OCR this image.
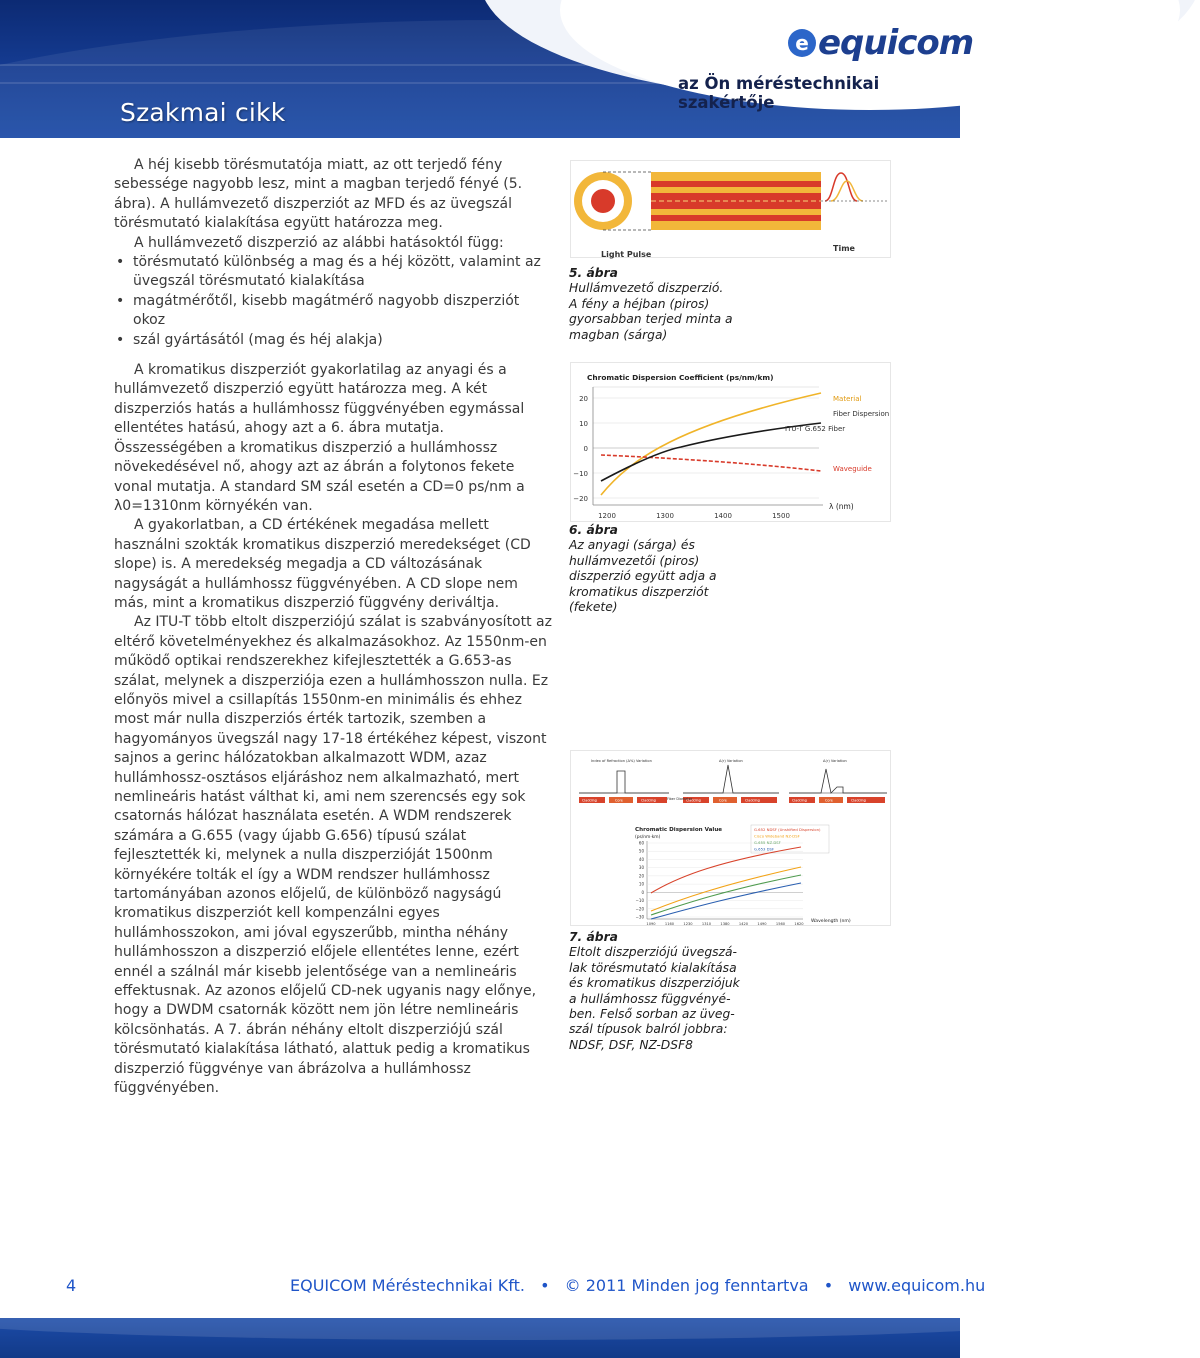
e equicom
az Ön méréstechnikai szakértője
Szakmai cikk

A héj kisebb törésmutatója miatt, az ott terjedő fény sebessége nagyobb lesz, mint a magban terjedő fényé (5. ábra). A hullámvezető diszperziót az MFD és az üvegszál törésmutató kialakítása együtt határozza meg.

A hullámvezető diszperzió az alábbi hatásoktól függ:

• törésmutató különbség a mag és a héj között, valamint az üvegszál törésmutató kialakítása
• magátmérőtől, kisebb magátmérő nagyobb diszperziót okoz
• szál gyártásától (mag és héj alakja)

A kromatikus diszperziót gyakorlatilag az anyagi és a hullámvezető diszperzió együtt határozza meg. A két diszperziós hatás a hullámhossz függvényében egymással ellentétes hatású, ahogy azt a 6. ábra mutatja. Összességében a kromatikus diszperzió a hullámhossz növekedésével nő, ahogy azt az ábrán a folytonos fekete vonal mutatja. A standard SM szál esetén a CD=0 ps/nm a λ0=1310nm környékén van.

A gyakorlatban, a CD értékének megadása mellett használni szokták kromatikus diszperzió meredekséget (CD slope) is. A meredekség megadja a CD változásának nagyságát a hullámhossz függvényében. A CD slope nem más, mint a kromatikus diszperzió függvény deriváltja.

Az ITU-T több eltolt diszperziójú szálat is szabványosított az eltérő követelményekhez és alkalmazásokhoz. Az 1550nm-en működő optikai rendszerekhez kifejlesztették a G.653-as szálat, melynek a diszperziója ezen a hullámhosszon nulla. Ez előnyös mivel a csillapítás 1550nm-en minimális és ehhez most már nulla diszperziós érték tartozik, szemben a hagyományos üvegszál nagy 17-18 értékéhez képest, viszont sajnos a gerinc hálózatokban alkalmazott WDM, azaz hullámhossz-osztásos eljáráshoz nem alkalmazható, mert nemlineáris hatást válthat ki, ami nem szerencsés egy sok csatornás hálózat használata esetén. A WDM rendszerek számára a G.655 (vagy újabb G.656) típusú szálat fejlesztették ki, melynek a nulla diszperzióját 1500nm környékére tolták el így a WDM rendszer hullámhossz tartományában azonos előjelű, de különböző nagyságú kromatikus diszperziót kell kompenzálni egyes hullámhosszokon, ami jóval egyszerűbb, mintha néhány hullámhosszon a diszperzió előjele ellentétes lenne, ezért ennél a szálnál már kisebb jelentősége van a nemlineáris effektusnak. Az azonos előjelű CD-nek ugyanis nagy előnye, hogy a DWDM csatornák között nem jön létre nemlineáris kölcsönhatás. A 7. ábrán néhány eltolt diszperziójú szál törésmutató kialakítása látható, alattuk pedig a kromatikus diszperzió függvénye van ábrázolva a hullámhossz függvényében.

Time
Light Pulse
5. ábra
Hullámvezető diszperzió.
A fény a héjban (piros)
gyorsabban terjed minta a
magban (sárga)
Chromatic Dispersion Coefficient (ps/nm/km)
20
10
0
−10
−20
1200	1300	1400	1500
Material
Fiber Dispersion
ITU-T G.652 Fiber
Waveguide
λ (nm)
6. ábra
Az anyagi (sárga) és
hullámvezetői (piros)
diszperzió együtt adja a
kromatikus diszperziót
(fekete)
Index of Refraction (Δ%) Variation
Cladding	Core	Cladding
Δ(r) Variation
Cladding	Core	Cladding
Fiber Diameter
Δ(r) Variation
Cladding	Core	Cladding
Chromatic Dispersion Value
(ps/nm·km)
G.652 NDSF (Unshifted Dispersion)
Cisco Wideband NZ-DSF
G.655 NZ-DSF
G.653 DSF
60
50
40
30
20
10
0
−10
−20
−30
1090	1160	1230	1310	1380	1420	1490	1560	1620 Wavelength (nm)
7. ábra
Eltolt diszperziójú üvegszá-
lak törésmutató kialakítása
és kromatikus diszperziójuk
a hullámhossz függvényé-
ben. Felső sorban az üveg-
szál típusok balról jobbra:
NDSF, DSF, NZ-DSF8
4	EQUICOM Méréstechnikai Kft. • © 2011 Minden jog fenntartva • www.equicom.hu
